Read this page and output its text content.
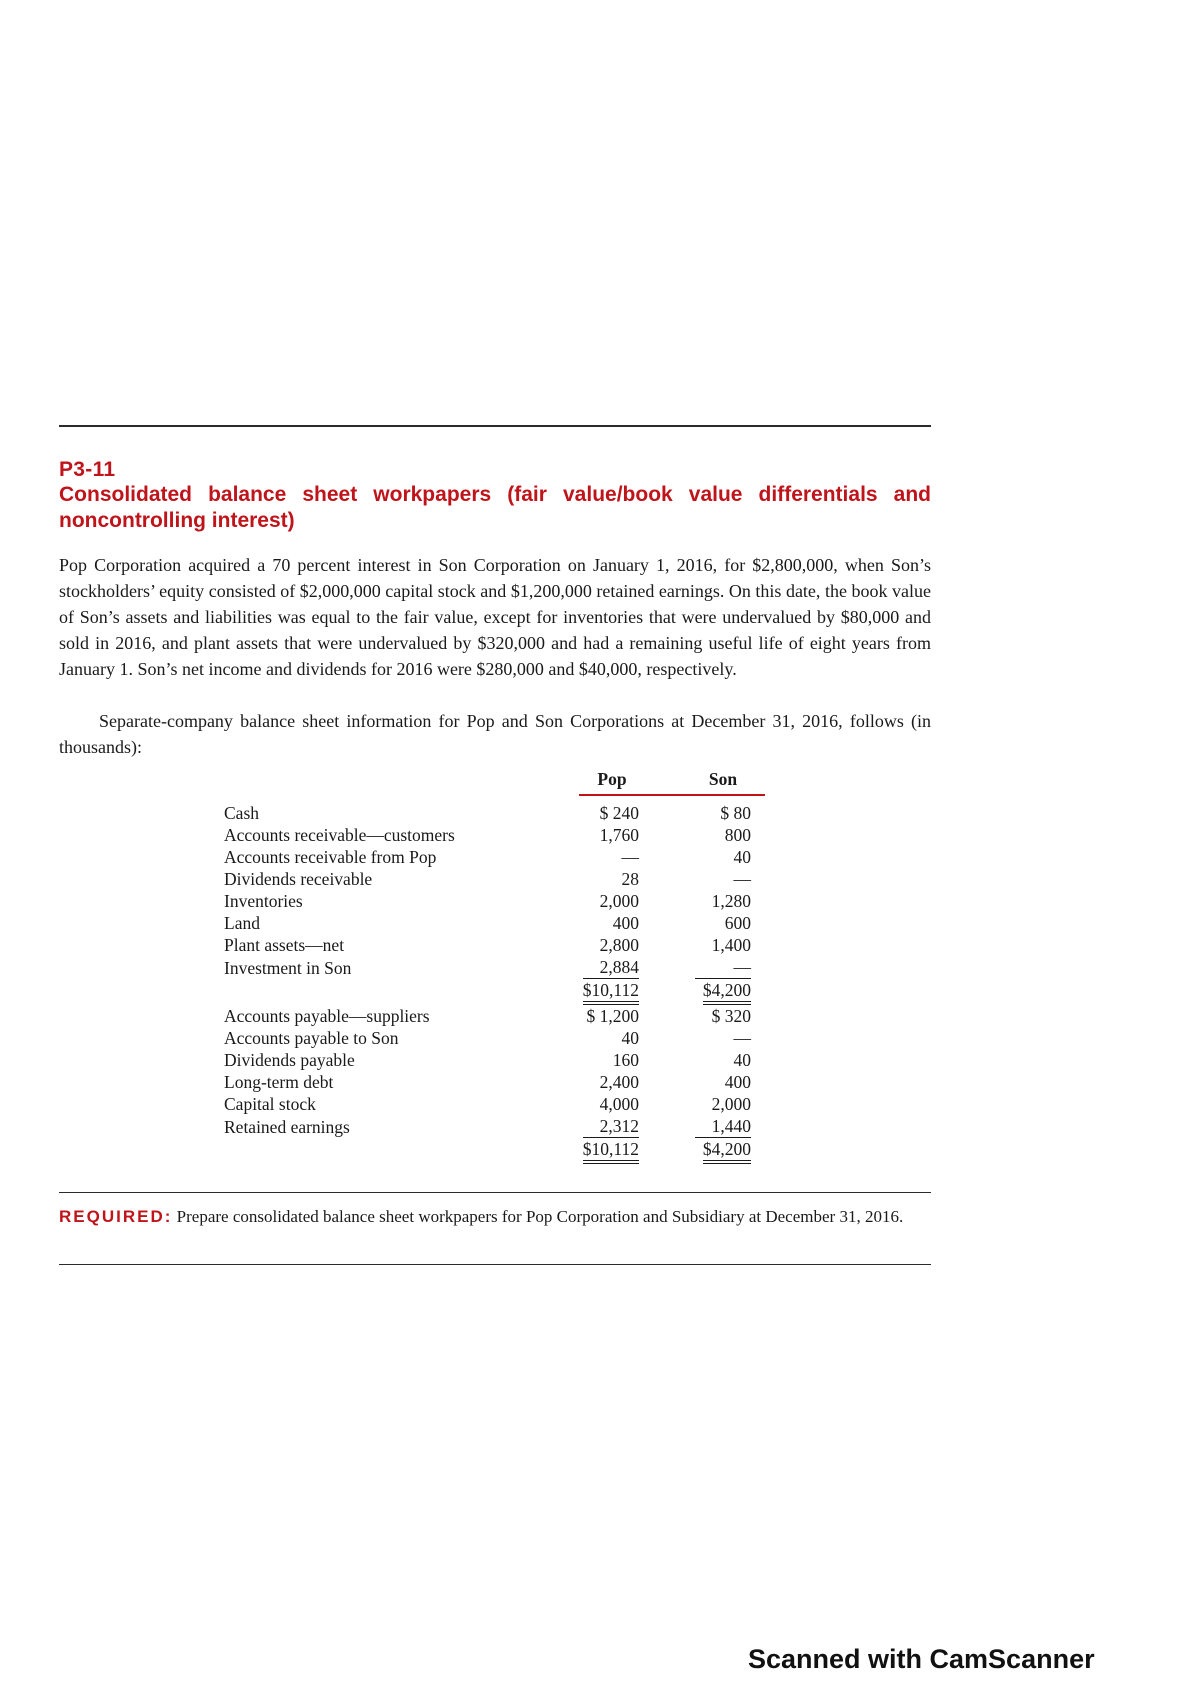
P3-11
Consolidated balance sheet workpapers (fair value/book value differentials and noncontrolling interest)
Pop Corporation acquired a 70 percent interest in Son Corporation on January 1, 2016, for $2,800,000, when Son’s stockholders’ equity consisted of $2,000,000 capital stock and $1,200,000 retained earnings. On this date, the book value of Son’s assets and liabilities was equal to the fair value, except for inventories that were undervalued by $80,000 and sold in 2016, and plant assets that were undervalued by $320,000 and had a remaining useful life of eight years from January 1. Son’s net income and dividends for 2016 were $280,000 and $40,000, respectively.
Separate-company balance sheet information for Pop and Son Corporations at December 31, 2016, follows (in thousands):
	Pop		Son

Cash	$ 240		$ 80
Accounts receivable—customers	1,760		800
Accounts receivable from Pop	—		40
Dividends receivable	28		—
Inventories	2,000		1,280
Land	400		600
Plant assets—net	2,800		1,400
Investment in Son	2,884		—
	$10,112		$4,200
Accounts payable—suppliers	$ 1,200		$ 320
Accounts payable to Son	40		—
Dividends payable	160		40
Long-term debt	2,400		400
Capital stock	4,000		2,000
Retained earnings	2,312		1,440
	$10,112		$4,200
REQUIRED: Prepare consolidated balance sheet workpapers for Pop Corporation and Subsidiary at December 31, 2016.
Scanned with CamScanner
